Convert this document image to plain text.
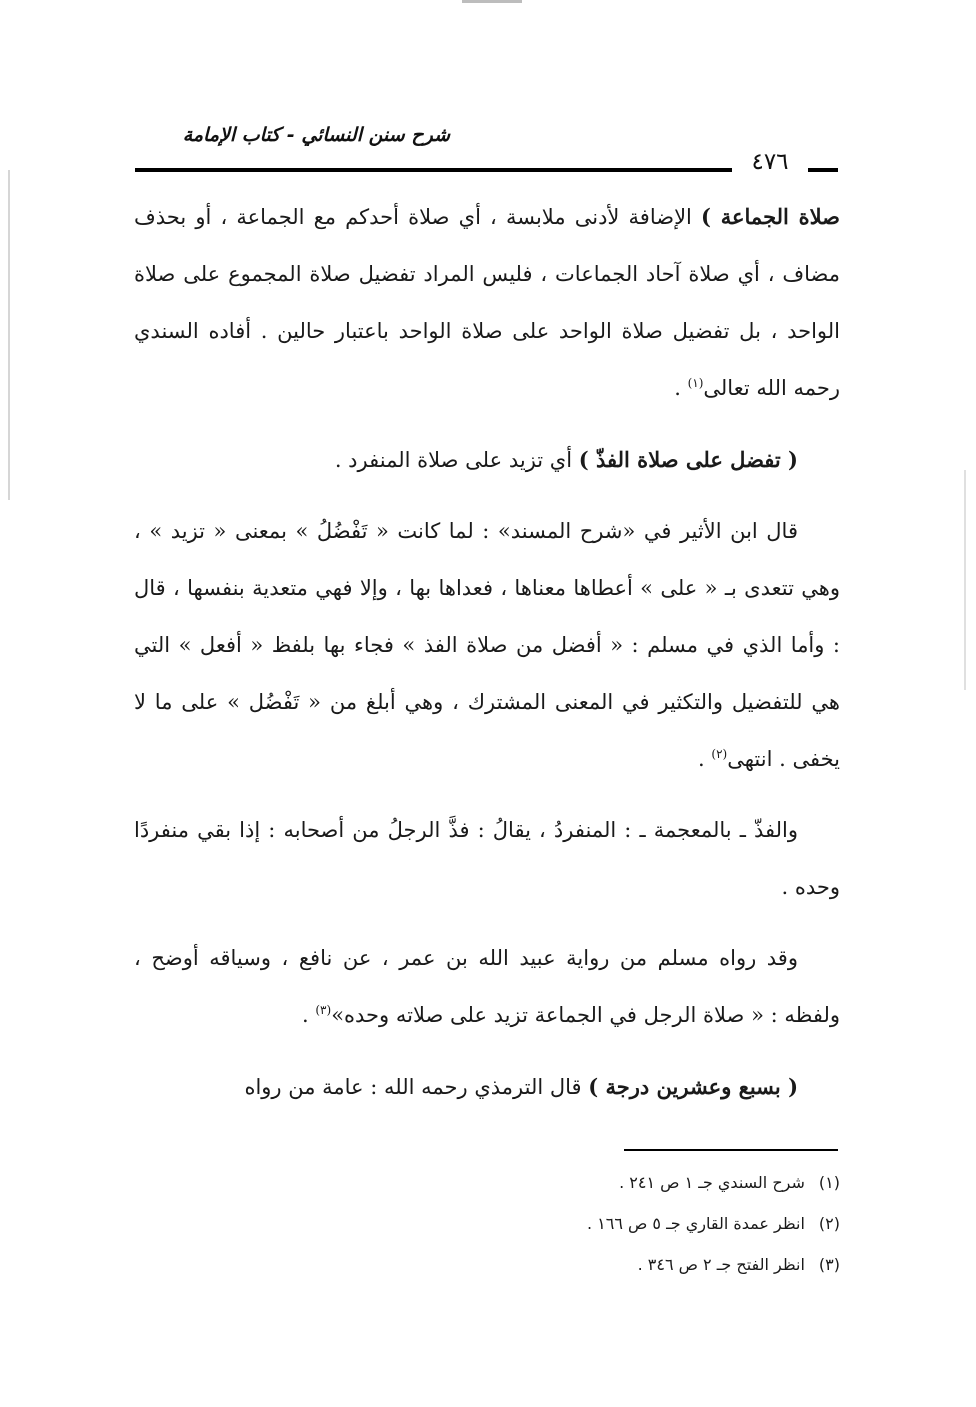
شرح سنن النسائي - كتاب الإمامة
٤٧٦

صلاة الجماعة ) الإضافة لأدنى ملابسة ، أي صلاة أحدكم مع الجماعة ، أو بحذف مضاف ، أي صلاة آحاد الجماعات ، فليس المراد تفضيل صلاة المجموع على صلاة الواحد ، بل تفضيل صلاة الواحد على صلاة الواحد باعتبار حالين . أفاده السندي رحمه الله تعالى$^{(١)}$ .

( تفضل على صلاة الفذّ ) أي تزيد على صلاة المنفرد .

قال ابن الأثير في «شرح المسند» : لما كانت « تَفْضُلُ » بمعنى « تزيد » ، وهي تتعدى بـ « على » أعطاها معناها ، فعداها بها ، وإلا فهي متعدية بنفسها ، قال : وأما الذي في مسلم : « أفضل من صلاة الفذ » فجاء بها بلفظ « أفعل » التي هي للتفضيل والتكثير في المعنى المشترك ، وهي أبلغ من « تَفْضُل » على ما لا يخفى . انتهى$^{(٢)}$ .

والفذّ ـ بالمعجمة ـ : المنفردُ ، يقالُ : فذَّ الرجلُ من أصحابه : إذا بقي منفردًا وحده .

وقد رواه مسلم من رواية عبيد الله بن عمر ، عن نافع ، وسياقه أوضح ، ولفظه : « صلاة الرجل في الجماعة تزيد على صلاته وحده»$^{(٣)}$ .

( بسبع وعشرين درجة ) قال الترمذي رحمه الله : عامة من رواه

(١)شرح السندي جـ ١ ص ٢٤١ .

(٢)انظر عمدة القاري جـ ٥ ص ١٦٦ .

(٣)انظر الفتح جـ ٢ ص ٣٤٦ .
